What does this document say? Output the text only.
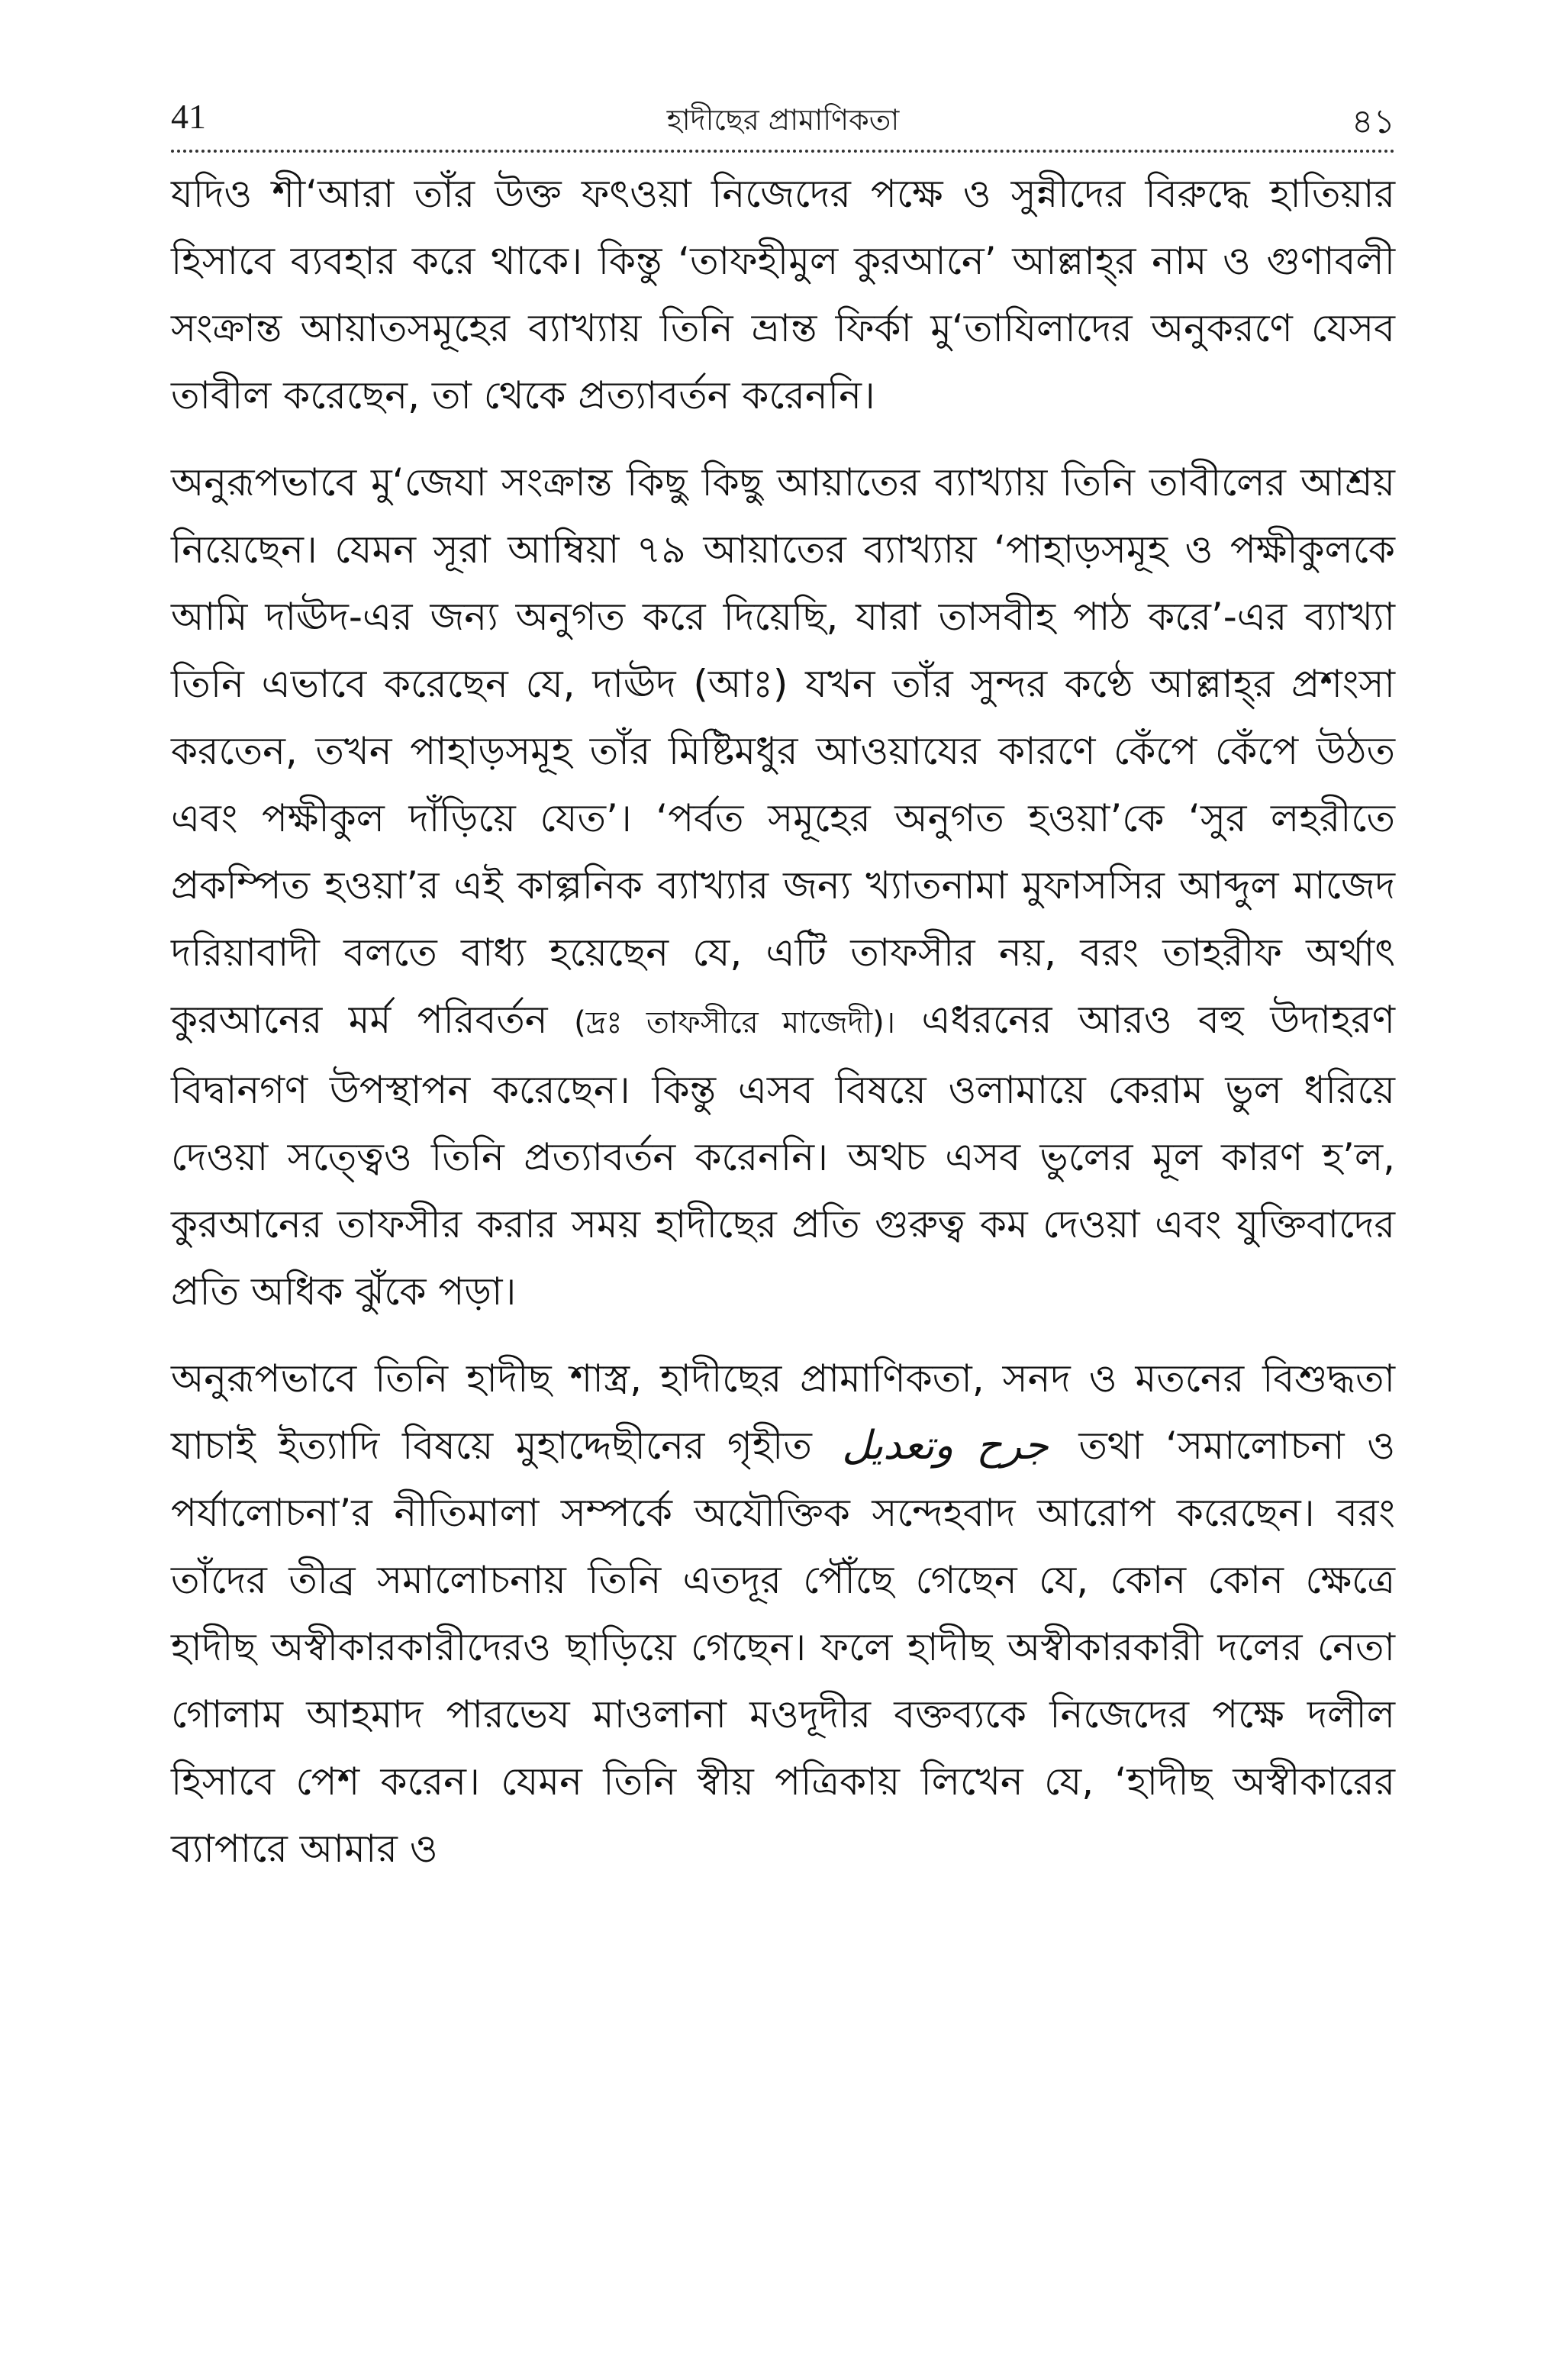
41	হাদীছের প্রামাণিকতা	৪১

যদিও শী‘আরা তাঁর উক্ত ফৎওয়া নিজেদের পক্ষে ও সুন্নীদের বিরুদ্ধে হাতিয়ার হিসাবে ব্যবহার করে থাকে। কিন্তু ‘তাফহীমুল কুরআনে’ আল্লাহ্‌র নাম ও গুণাবলী সংক্রান্ত আয়াতসমূহের ব্যাখ্যায় তিনি ভ্রান্ত ফির্কা মু‘তাযিলাদের অনুকরণে যেসব তাবীল করেছেন, তা থেকে প্রত্যাবর্তন করেননি।

অনুরূপভাবে মু‘জেযা সংক্রান্ত কিছু কিছু আয়াতের ব্যাখ্যায় তিনি তাবীলের আশ্রয় নিয়েছেন। যেমন সূরা আম্বিয়া ৭৯ আয়াতের ব্যাখ্যায় ‘পাহাড়সমূহ ও পক্ষীকুলকে আমি দাঊদ-এর জন্য অনুগত করে দিয়েছি, যারা তাসবীহ পাঠ করে’-এর ব্যাখ্যা তিনি এভাবে করেছেন যে, দাঊদ (আঃ) যখন তাঁর সুন্দর কণ্ঠে আল্লাহ্‌র প্রশংসা করতেন, তখন পাহাড়সমূহ তাঁর মিষ্টিমধুর আওয়াযের কারণে কেঁপে কেঁপে উঠত এবং পক্ষীকুল দাঁড়িয়ে যেত’। ‘পর্বত সমূহের অনুগত হওয়া’কে ‘সুর লহরীতে প্রকম্পিত হওয়া’র এই কাল্পনিক ব্যাখ্যার জন্য খ্যাতনামা মুফাসসির আব্দুল মাজেদ দরিয়াবাদী বলতে বাধ্য হয়েছেন যে, এটি তাফসীর নয়, বরং তাহরীফ অর্থাৎ কুরআনের মর্ম পরিবর্তন (দ্রঃ তাফসীরে মাজেদী)। এধরনের আরও বহু উদাহরণ বিদ্বানগণ উপস্থাপন করেছেন। কিন্তু এসব বিষয়ে ওলামায়ে কেরাম ভুল ধরিয়ে দেওয়া সত্ত্বেও তিনি প্রত্যাবর্তন করেননি। অথচ এসব ভুলের মূল কারণ হ’ল, কুরআনের তাফসীর করার সময় হাদীছের প্রতি গুরুত্ব কম দেওয়া এবং যুক্তিবাদের প্রতি অধিক ঝুঁকে পড়া।

অনুরূপভাবে তিনি হাদীছ শাস্ত্র, হাদীছের প্রামাণিকতা, সনদ ও মতনের বিশুদ্ধতা যাচাই ইত্যাদি বিষয়ে মুহাদ্দেছীনের গৃহীত جرح وتعديل তথা ‘সমালোচনা ও পর্যালোচনা’র নীতিমালা সম্পর্কে অযৌক্তিক সন্দেহবাদ আরোপ করেছেন। বরং তাঁদের তীব্র সমালোচনায় তিনি এতদূর পৌঁছে গেছেন যে, কোন কোন ক্ষেত্রে হাদীছ অস্বীকারকারীদেরও ছাড়িয়ে গেছেন। ফলে হাদীছ অস্বীকারকারী দলের নেতা গোলাম আহমাদ পারভেয মাওলানা মওদূদীর বক্তব্যকে নিজেদের পক্ষে দলীল হিসাবে পেশ করেন। যেমন তিনি স্বীয় পত্রিকায় লিখেন যে, ‘হাদীছ অস্বীকারের ব্যাপারে আমার ও
